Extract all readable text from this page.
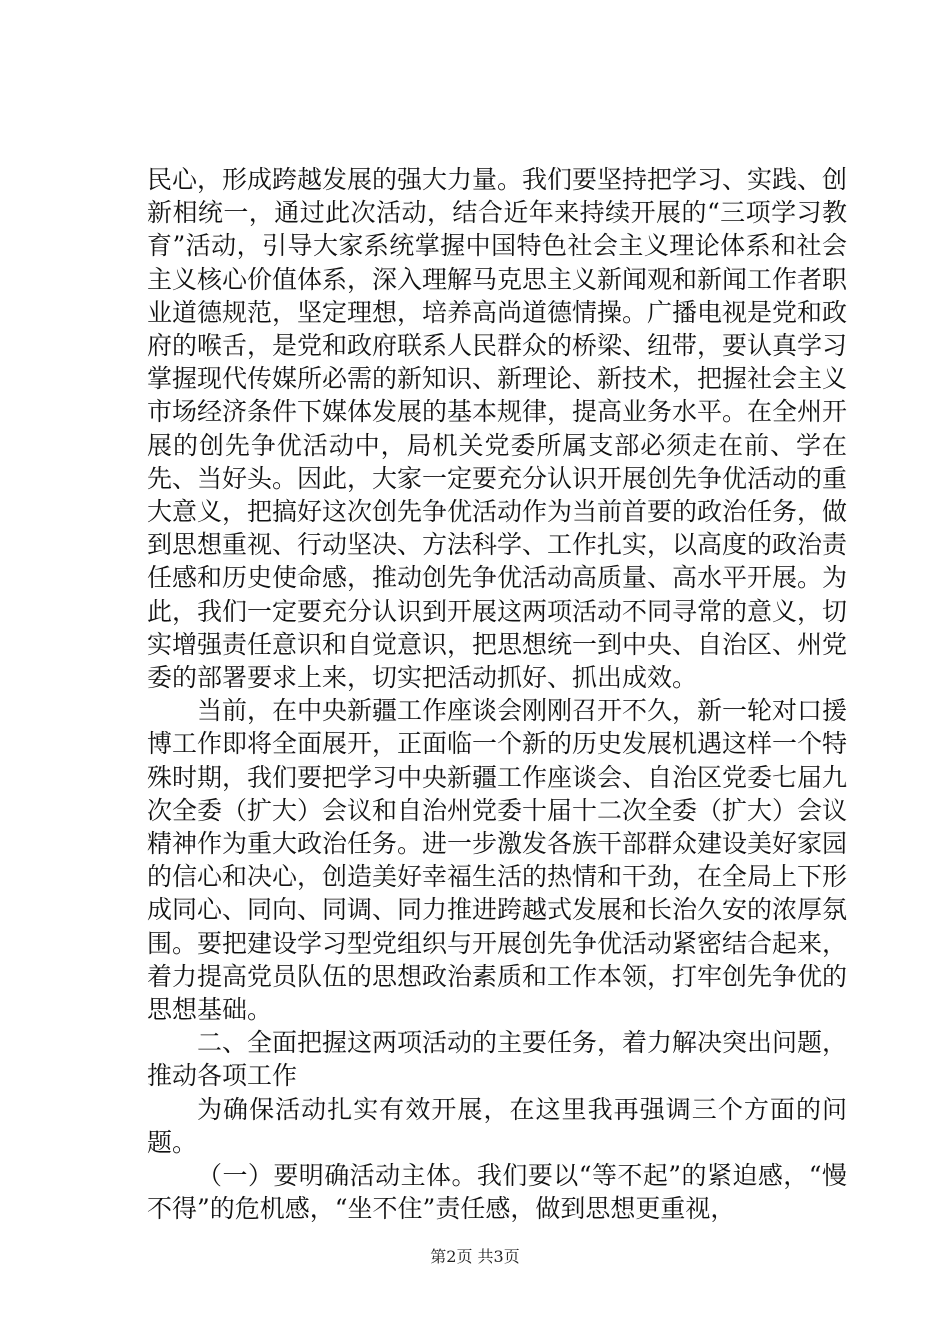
民心，形成跨越发展的强大力量。我们要坚持把学习、实践、创新相统一，通过此次活动，结合近年来持续开展的“三项学习教育”活动，引导大家系统掌握中国特色社会主义理论体系和社会主义核心价值体系，深入理解马克思主义新闻观和新闻工作者职业道德规范，坚定理想，培养高尚道德情操。广播电视是党和政府的喉舌，是党和政府联系人民群众的桥梁、纽带，要认真学习掌握现代传媒所必需的新知识、新理论、新技术，把握社会主义市场经济条件下媒体发展的基本规律，提高业务水平。在全州开展的创先争优活动中，局机关党委所属支部必须走在前、学在先、当好头。因此，大家一定要充分认识开展创先争优活动的重大意义，把搞好这次创先争优活动作为当前首要的政治任务，做到思想重视、行动坚决、方法科学、工作扎实，以高度的政治责任感和历史使命感，推动创先争优活动高质量、高水平开展。为此，我们一定要充分认识到开展这两项活动不同寻常的意义，切实增强责任意识和自觉意识，把思想统一到中央、自治区、州党委的部署要求上来，切实把活动抓好、抓出成效。

当前，在中央新疆工作座谈会刚刚召开不久，新一轮对口援博工作即将全面展开，正面临一个新的历史发展机遇这样一个特殊时期，我们要把学习中央新疆工作座谈会、自治区党委七届九次全委（扩大）会议和自治州党委十届十二次全委（扩大）会议精神作为重大政治任务。进一步激发各族干部群众建设美好家园的信心和决心，创造美好幸福生活的热情和干劲，在全局上下形成同心、同向、同调、同力推进跨越式发展和长治久安的浓厚氛围。要把建设学习型党组织与开展创先争优活动紧密结合起来，着力提高党员队伍的思想政治素质和工作本领，打牢创先争优的思想基础。

二、全面把握这两项活动的主要任务，着力解决突出问题，推动各项工作

为确保活动扎实有效开展，在这里我再强调三个方面的问题。

（一）要明确活动主体。我们要以“等不起”的紧迫感，“慢不得”的危机感，“坐不住”责任感，做到思想更重视，

第2页 共3页
